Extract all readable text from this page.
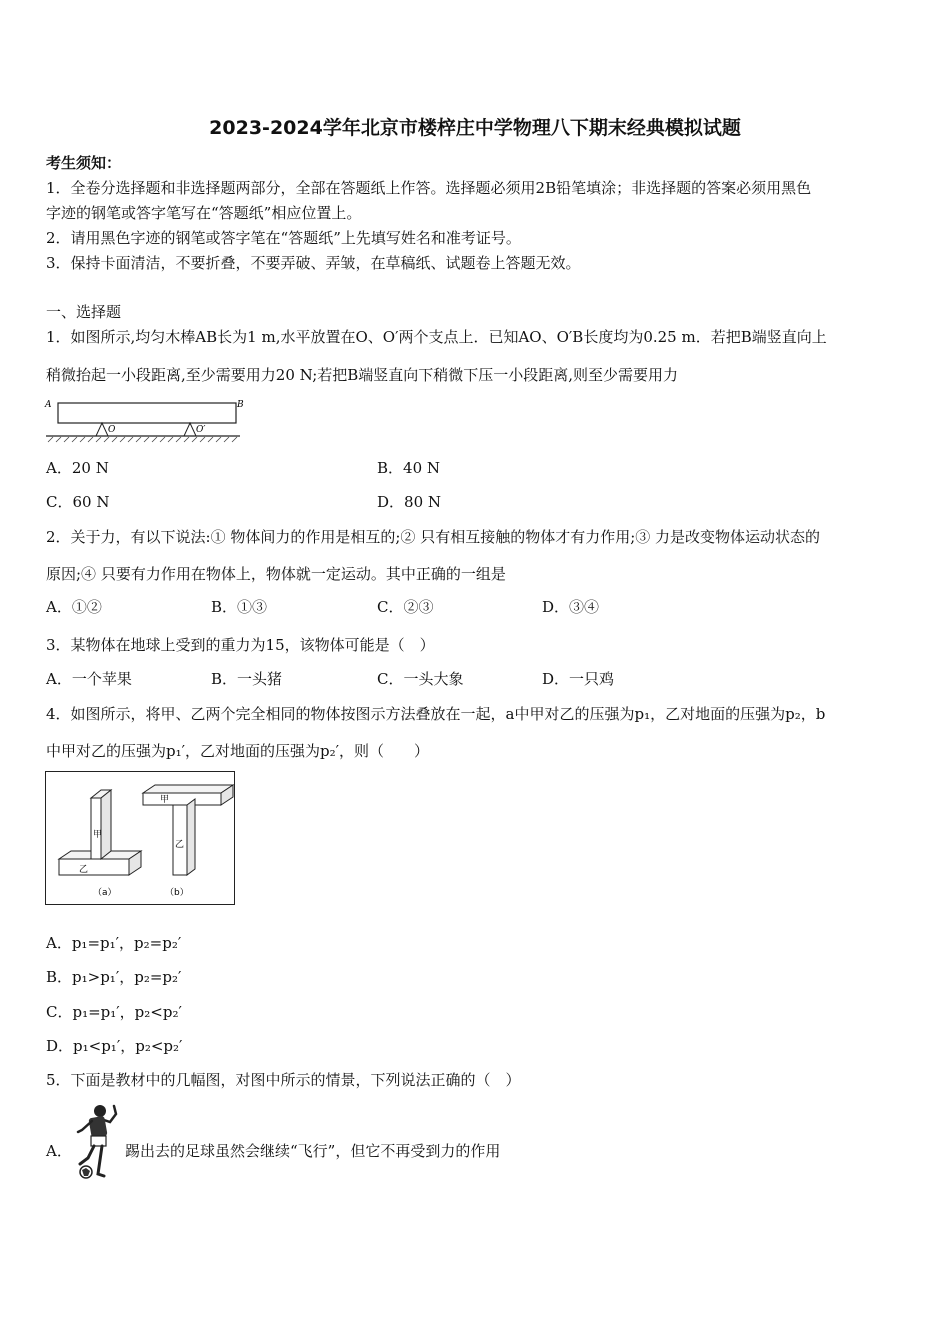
2023-2024学年北京市楼梓庄中学物理八下期末经典模拟试题
考生须知：
1．全卷分选择题和非选择题两部分，全部在答题纸上作答。选择题必须用2B铅笔填涂；非选择题的答案必须用黑色
字迹的钢笔或答字笔写在“答题纸”相应位置上。
2．请用黑色字迹的钢笔或答字笔在“答题纸”上先填写姓名和准考证号。
3．保持卡面清洁，不要折叠，不要弄破、弄皱，在草稿纸、试题卷上答题无效。
一、选择题
1．如图所示,均匀木棒AB长为1 m,水平放置在O、O′两个支点上．已知AO、O′B长度均为0.25 m．若把B端竖直向上
稍微抬起一小段距离,至少需要用力20 N;若把B端竖直向下稍微下压一小段距离,则至少需要用力
A	B
O	O′
A．20 N	B．40 N
C．60 N	D．80 N
2．关于力，有以下说法:① 物体间力的作用是相互的;② 只有相互接触的物体才有力作用;③ 力是改变物体运动状态的
原因;④ 只要有力作用在物体上，物体就一定运动。其中正确的一组是
A．①②	B．①③	C．②③	D．③④
3．某物体在地球上受到的重力为15，该物体可能是（　）
A．一个苹果	B．一头猪	C．一头大象	D．一只鸡
4．如图所示，将甲、乙两个完全相同的物体按图示方法叠放在一起，a中甲对乙的压强为p₁，乙对地面的压强为p₂，b
中甲对乙的压强为p₁′，乙对地面的压强为p₂′，则（　　）
甲
乙
甲
乙
（a）	（b）
A．p₁=p₁′，p₂=p₂′
B．p₁>p₁′，p₂=p₂′
C．p₁=p₁′，p₂<p₂′
D．p₁<p₁′，p₂<p₂′
5．下面是教材中的几幅图，对图中所示的情景，下列说法正确的（　）
A．	踢出去的足球虽然会继续“飞行”，但它不再受到力的作用
